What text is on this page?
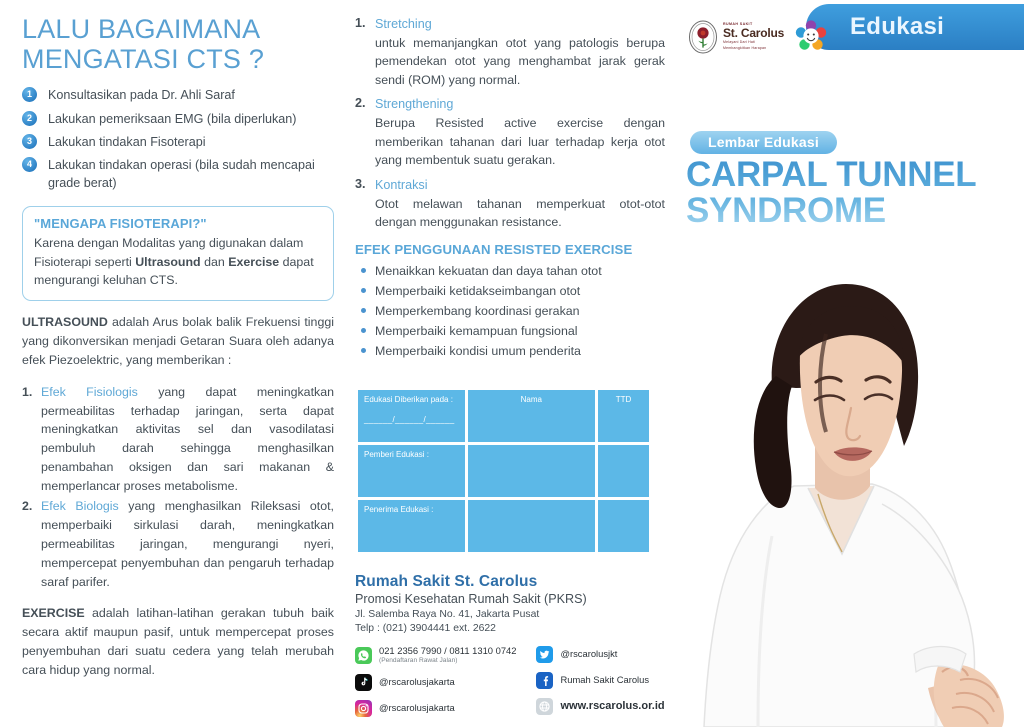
LALU BAGAIMANA
MENGATASI CTS ?
1	Konsultasikan pada Dr. Ahli Saraf
2	Lakukan pemeriksaan EMG (bila diperlukan)
3	Lakukan tindakan Fisoterapi
4	Lakukan tindakan operasi (bila sudah mencapai grade berat)
"MENGAPA FISIOTERAPI?"
Karena dengan Modalitas yang digunakan dalam Fisioterapi seperti Ultrasound dan Exercise dapat mengurangi keluhan CTS.

ULTRASOUND adalah Arus bolak balik Frekuensi tinggi yang dikonversikan menjadi Getaran Suara oleh adanya efek Piezoelektric, yang memberikan :

1. Efek Fisiologis yang dapat meningkatkan permeabilitas terhadap jaringan, serta dapat meningkatkan aktivitas sel dan vasodilatasi pembuluh darah sehingga menghasilkan penambahan oksigen dan sari makanan & memperlancar proses metabolisme.
2. Efek Biologis yang menghasilkan Rileksasi otot, memperbaiki sirkulasi darah, meningkatkan permeabilitas jaringan, mengurangi nyeri, mempercepat penyembuhan dan pengaruh terhadap saraf parifer.

EXERCISE adalah latihan-latihan gerakan tubuh baik secara aktif maupun pasif, untuk mempercepat proses penyembuhan dari suatu cedera yang telah merubah cara hidup yang normal.

1. Stretching
untuk memanjangkan otot yang patologis berupa pemendekan otot yang menghambat jarak gerak sendi (ROM) yang normal.
2. Strengthening
Berupa Resisted active exercise dengan memberikan tahanan dari luar terhadap kerja otot yang membentuk suatu gerakan.
3. Kontraksi
Otot melawan tahanan memperkuat otot-otot dengan menggunakan resistance.
EFEK PENGGUNAAN RESISTED EXERCISE
Menaikkan kekuatan dan daya tahan otot
Memperbaiki ketidakseimbangan otot
Memperkembang koordinasi gerakan
Memperbaiki kemampuan fungsional
Memperbaiki kondisi umum penderita
Edukasi Diberikan pada :
______/______/______	Nama	TTD
Pemberi Edukasi :		
Penerima Edukasi :		
Rumah Sakit St. Carolus
Promosi Kesehatan Rumah Sakit (PKRS)
Jl. Salemba Raya No. 41, Jakarta Pusat
Telp : (021) 3904441 ext. 2622
021 2356 7990 / 0811 1310 0742
(Pendaftaran Rawat Jalan)
@rscarolusjakarta
@rscarolusjakarta
@rscarolusjkt
Rumah Sakit Carolus
www.rscarolus.or.id
Edukasi
RUMAH SAKIT
St. Carolus
Melayani Dari Hati
Membangkitkan Harapan
Lembar Edukasi
CARPAL TUNNEL
SYNDROME
